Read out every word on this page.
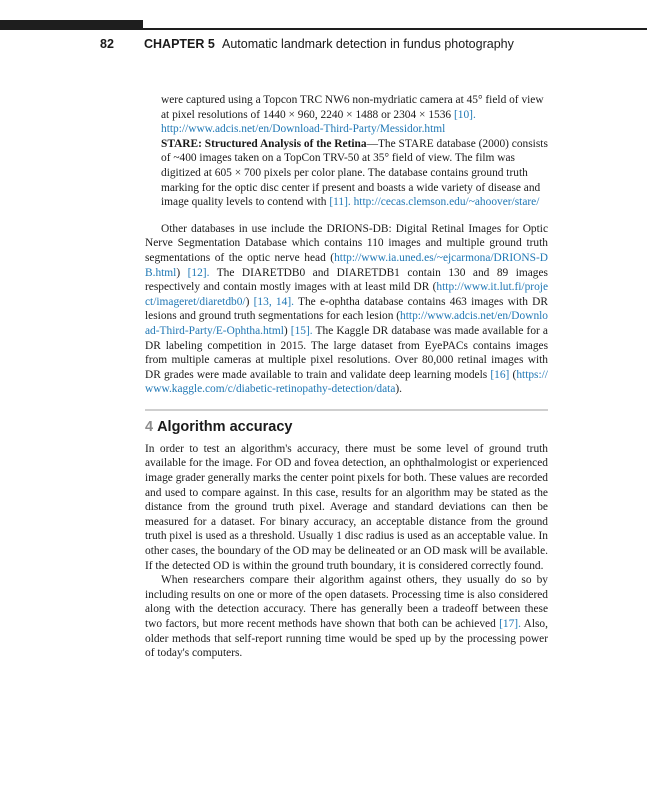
82 CHAPTER 5 Automatic landmark detection in fundus photography

were captured using a Topcon TRC NW6 non-mydriatic camera at 45° field of view at pixel resolutions of 1440 × 960, 2240 × 1488 or 2304 × 1536 [10]. http://www.adcis.net/en/Download-Third-Party/Messidor.html

STARE: Structured Analysis of the Retina—The STARE database (2000) consists of ~400 images taken on a TopCon TRV-50 at 35° field of view. The film was digitized at 605 × 700 pixels per color plane. The database contains ground truth marking for the optic disc center if present and boasts a wide variety of disease and image quality levels to contend with [11]. http://cecas.clemson.edu/~ahoover/stare/

Other databases in use include the DRIONS-DB: Digital Retinal Images for Optic Nerve Segmentation Database which contains 110 images and multiple ground truth segmentations of the optic nerve head (http://www.ia.uned.es/~ejcarmona/DRIONS-DB.html) [12]. The DIARETDB0 and DIARETDB1 contain 130 and 89 images respectively and contain mostly images with at least mild DR (http://www.it.lut.fi/project/imageret/diaretdb0/) [13, 14]. The e-ophtha database contains 463 images with DR lesions and ground truth segmentations for each lesion (http://www.adcis.net/en/Download-Third-Party/E-Ophtha.html) [15]. The Kaggle DR database was made available for a DR labeling competition in 2015. The large dataset from EyePACs contains images from multiple cameras at multiple pixel resolutions. Over 80,000 retinal images with DR grades were made available to train and validate deep learning models [16] (https://www.kaggle.com/c/diabetic-retinopathy-detection/data).

4 Algorithm accuracy

In order to test an algorithm's accuracy, there must be some level of ground truth available for the image. For OD and fovea detection, an ophthalmologist or experienced image grader generally marks the center point pixels for both. These values are recorded and used to compare against. In this case, results for an algorithm may be stated as the distance from the ground truth pixel. Average and standard deviations can then be measured for a dataset. For binary accuracy, an acceptable distance from the ground truth pixel is used as a threshold. Usually 1 disc radius is used as an acceptable value. In other cases, the boundary of the OD may be delineated or an OD mask will be available. If the detected OD is within the ground truth boundary, it is considered correctly found.

When researchers compare their algorithm against others, they usually do so by including results on one or more of the open datasets. Processing time is also considered along with the detection accuracy. There has generally been a tradeoff between these two factors, but more recent methods have shown that both can be achieved [17]. Also, older methods that self-report running time would be sped up by the processing power of today's computers.
